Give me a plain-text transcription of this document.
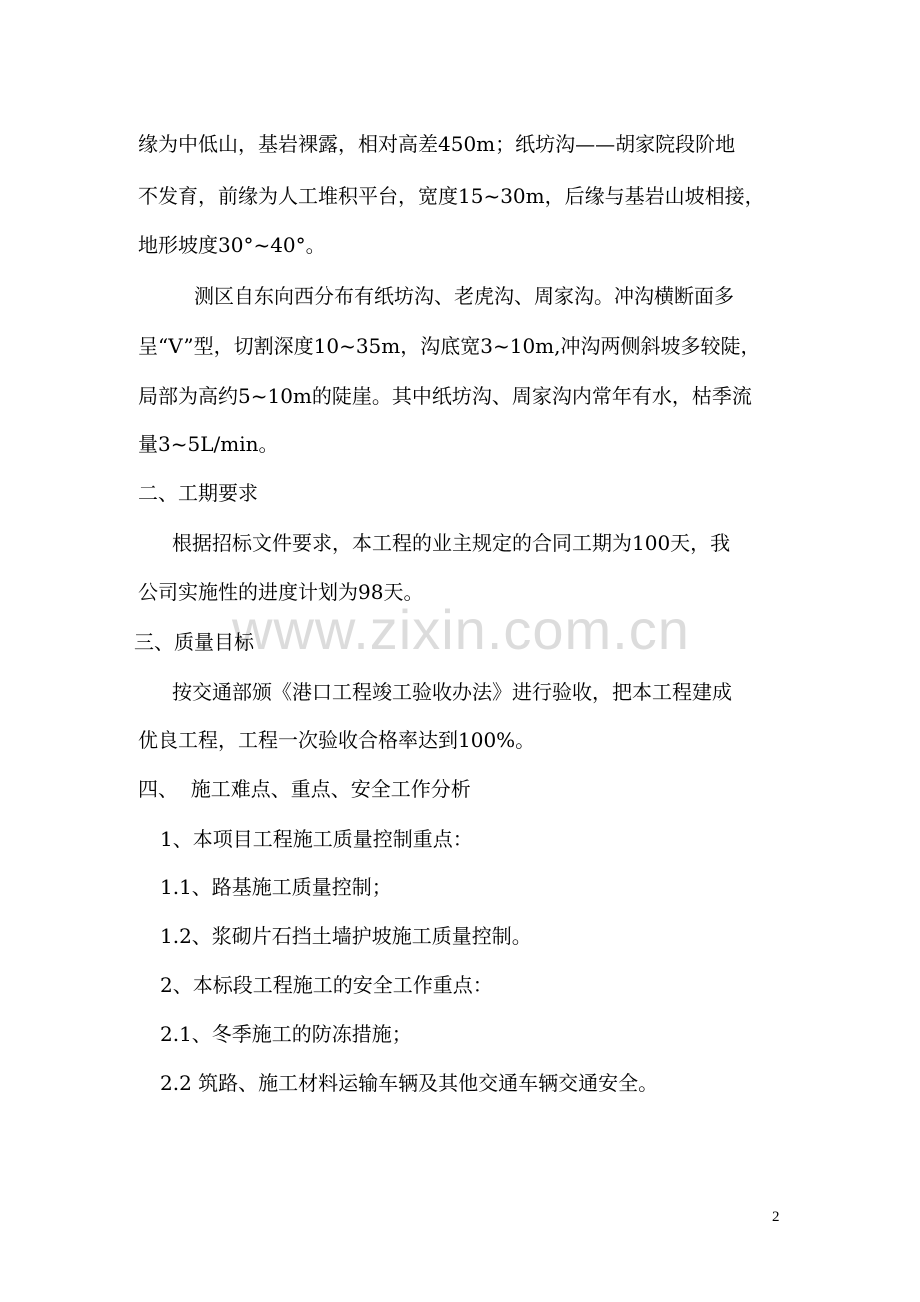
www.zixin.com.cn
缘为中低山，基岩裸露，相对高差450m；纸坊沟——胡家院段阶地
不发育，前缘为人工堆积平台，宽度15~30m，后缘与基岩山坡相接，
地形坡度30°~40°。
测区自东向西分布有纸坊沟、老虎沟、周家沟。冲沟横断面多
呈“V”型，切割深度10~35m，沟底宽3~10m,冲沟两侧斜坡多较陡，
局部为高约5~10m的陡崖。其中纸坊沟、周家沟内常年有水，枯季流
量3~5L/min。
二、工期要求
根据招标文件要求，本工程的业主规定的合同工期为100天，我
公司实施性的进度计划为98天。
三、质量目标
按交通部颁《港口工程竣工验收办法》进行验收，把本工程建成
优良工程，工程一次验收合格率达到100%。
四、  施工难点、重点、安全工作分析
1、本项目工程施工质量控制重点：
1.1、路基施工质量控制；
1.2、浆砌片石挡土墙护坡施工质量控制。
2、本标段工程施工的安全工作重点：
2.1、冬季施工的防冻措施；
2.2 筑路、施工材料运输车辆及其他交通车辆交通安全。
2
